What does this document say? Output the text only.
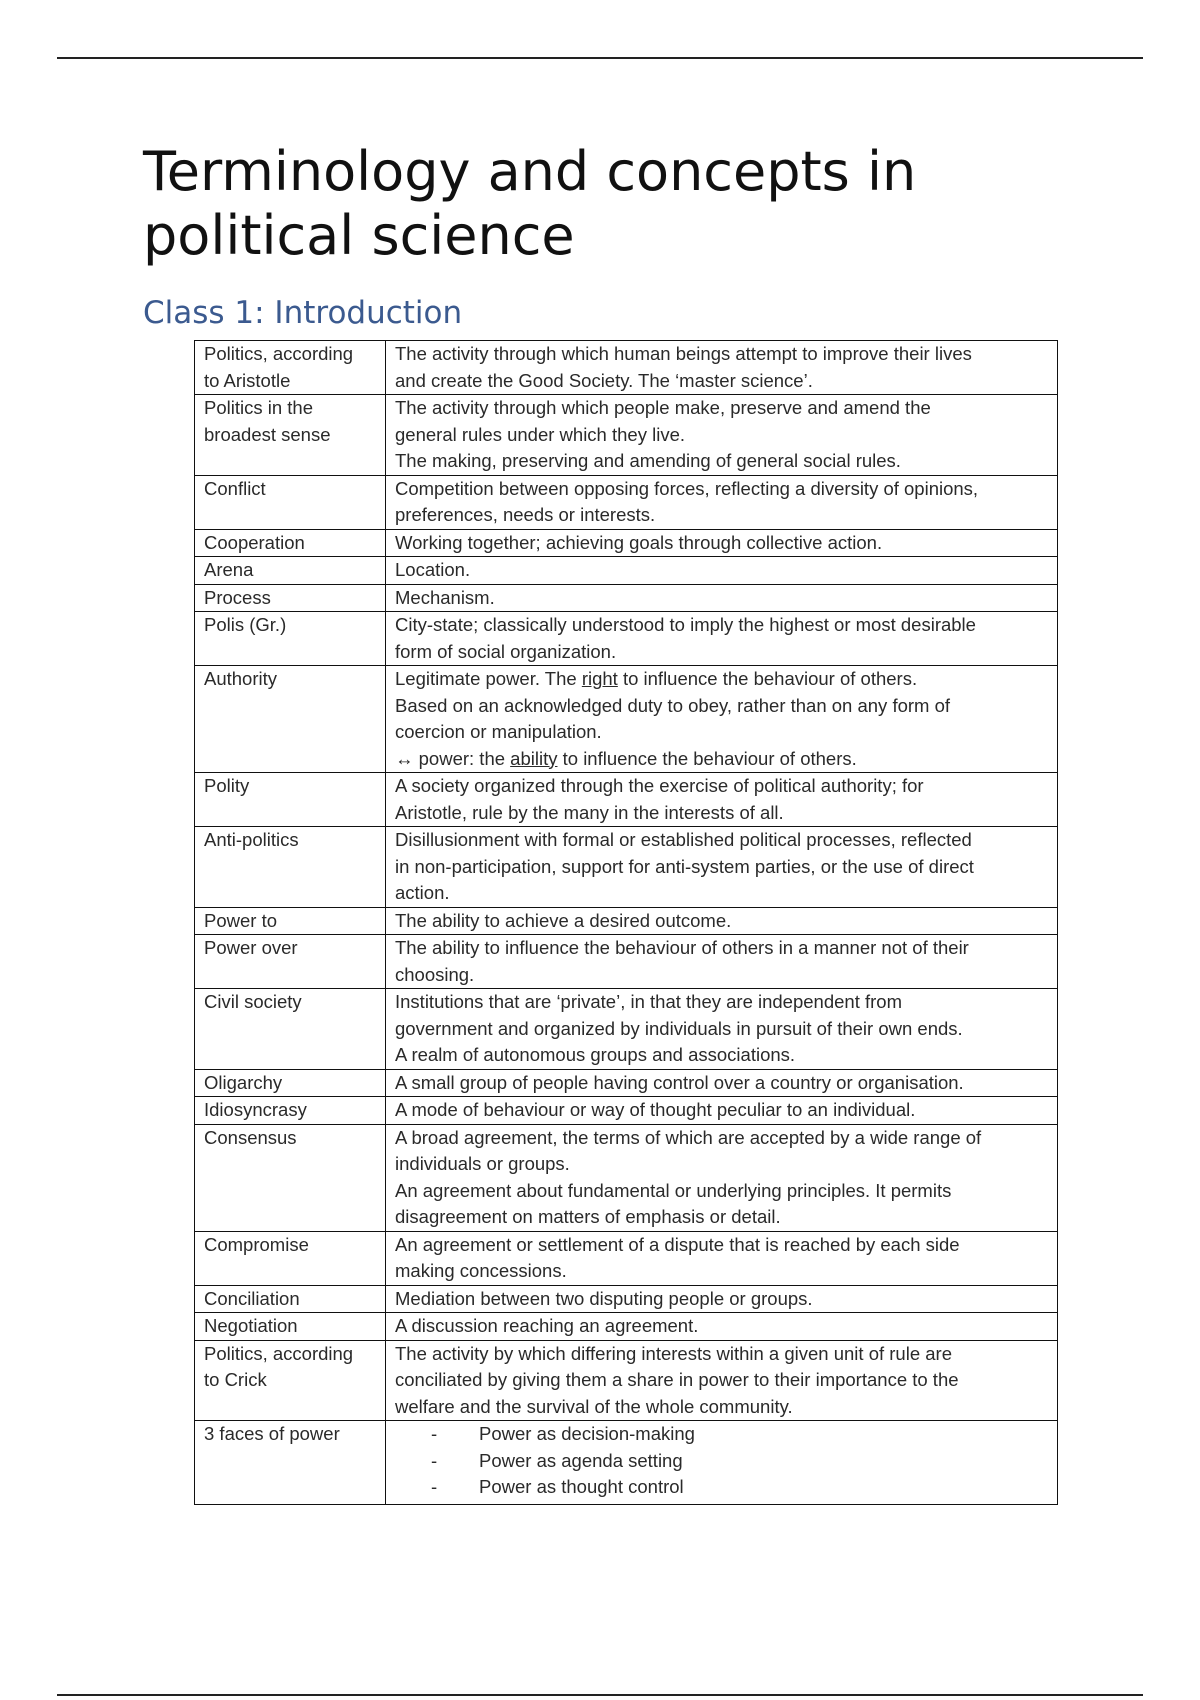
Terminology and concepts in political science
Class 1: Introduction
Politics, according
to Aristotle	The activity through which human beings attempt to improve their lives
and create the Good Society. The ‘master science’.

Politics in the
broadest sense	The activity through which people make, preserve and amend the
general rules under which they live.
The making, preserving and amending of general social rules.

Conflict	Competition between opposing forces, reflecting a diversity of opinions,
preferences, needs or interests.

Cooperation	Working together; achieving goals through collective action.

Arena	Location.

Process	Mechanism.

Polis (Gr.)	City-state; classically understood to imply the highest or most desirable
form of social organization.

Authority	Legitimate power. The right to influence the behaviour of others.
Based on an acknowledged duty to obey, rather than on any form of
coercion or manipulation.
↔ power: the ability to influence the behaviour of others.

Polity	A society organized through the exercise of political authority; for
Aristotle, rule by the many in the interests of all.

Anti-politics	Disillusionment with formal or established political processes, reflected
in non-participation, support for anti-system parties, or the use of direct
action.

Power to	The ability to achieve a desired outcome.

Power over	The ability to influence the behaviour of others in a manner not of their
choosing.

Civil society	Institutions that are ‘private’, in that they are independent from
government and organized by individuals in pursuit of their own ends.
A realm of autonomous groups and associations.

Oligarchy	A small group of people having control over a country or organisation.

Idiosyncrasy	A mode of behaviour or way of thought peculiar to an individual.

Consensus	A broad agreement, the terms of which are accepted by a wide range of
individuals or groups.
An agreement about fundamental or underlying principles. It permits
disagreement on matters of emphasis or detail.

Compromise	An agreement or settlement of a dispute that is reached by each side
making concessions.

Conciliation	Mediation between two disputing people or groups.

Negotiation	A discussion reaching an agreement.

Politics, according
to Crick	The activity by which differing interests within a given unit of rule are
conciliated by giving them a share in power to their importance to the
welfare and the survival of the whole community.

3 faces of power	- Power as decision-making
- Power as agenda setting
- Power as thought control
